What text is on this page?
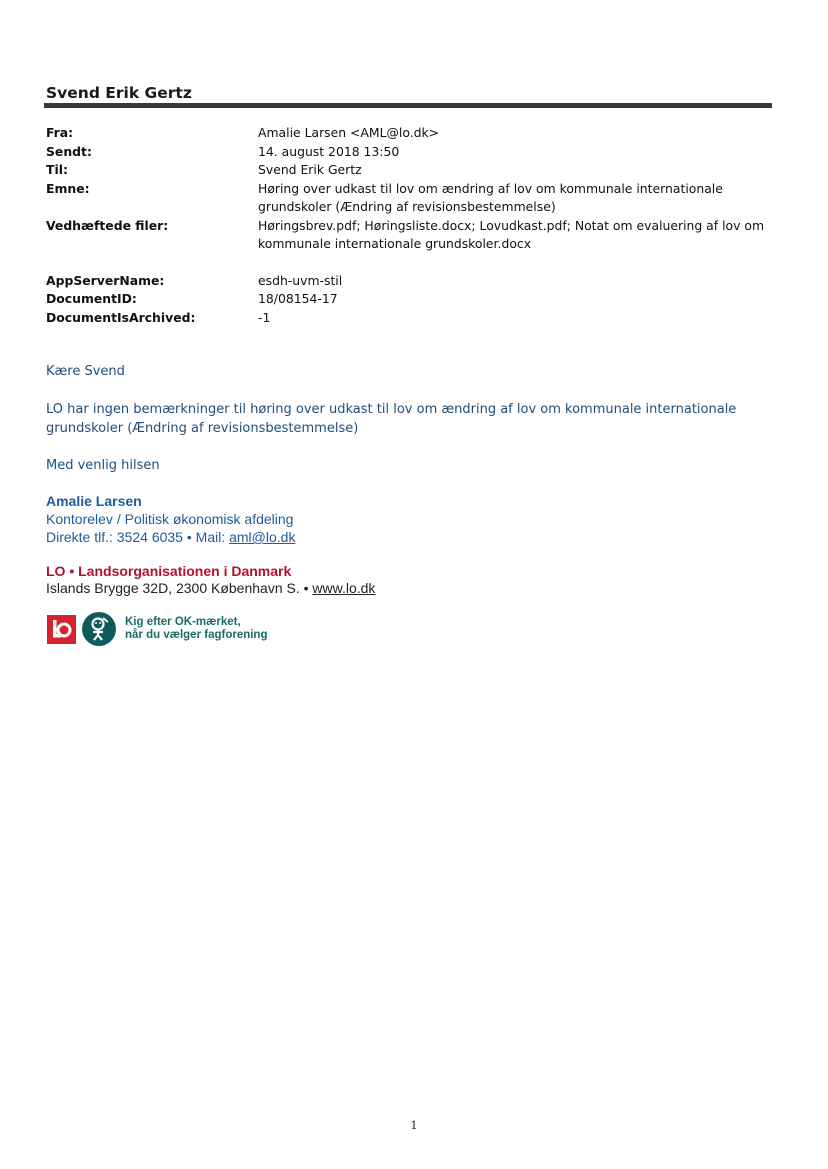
Svend Erik Gertz
Fra:	Amalie Larsen <AML@lo.dk>
Sendt:	14. august 2018 13:50
Til:	Svend Erik Gertz
Emne:	Høring over udkast til lov om ændring af lov om kommunale internationale grundskoler (Ændring af revisionsbestemmelse)
Vedhæftede filer:	Høringsbrev.pdf; Høringsliste.docx; Lovudkast.pdf; Notat om evaluering af lov om kommunale internationale grundskoler.docx
AppServerName:	esdh-uvm-stil
DocumentID:	18/08154-17
DocumentIsArchived:	-1
Kære Svend
LO har ingen bemærkninger til høring over udkast til lov om ændring af lov om kommunale internationale grundskoler (Ændring af revisionsbestemmelse)
Med venlig hilsen
Amalie Larsen
Kontorelev / Politisk økonomisk afdeling
Direkte tlf.: 3524 6035 • Mail: aml@lo.dk
LO • Landsorganisationen i Danmark
Islands Brygge 32D, 2300 København S. • www.lo.dk
Kig efter OK-mærket,
når du vælger fagforening
1
